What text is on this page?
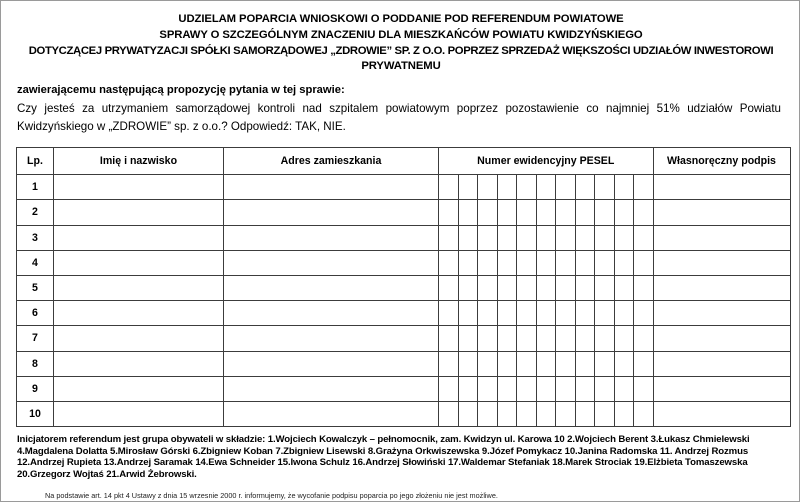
UDZIELAM POPARCIA WNIOSKOWI O PODDANIE POD REFERENDUM POWIATOWE
SPRAWY O SZCZEGÓLNYM ZNACZENIU DLA MIESZKAŃCÓW POWIATU KWIDZYŃSKIEGO
DOTYCZĄCEJ PRYWATYZACJI SPÓŁKI SAMORZĄDOWEJ „ZDROWIE” SP. Z O.O. POPRZEZ SPRZEDAŻ WIĘKSZOŚCI UDZIAŁÓW INWESTOROWI
PRYWATNEMU
zawierającemu następującą propozycję pytania w tej sprawie:
Czy jesteś za utrzymaniem samorządowej kontroli nad szpitalem powiatowym poprzez pozostawienie co najmniej 51% udziałów Powiatu
Kwidzyńskiego w „ZDROWIE” sp. z o.o.? Odpowiedź: TAK, NIE.
Lp.	Imię i nazwisko	Adres zamieszkania	Numer ewidencyjny PESEL											Własnoręczny podpis
1														
2														
3														
4														
5														
6														
7														
8														
9														
10														
Inicjatorem referendum jest grupa obywateli w składzie: 1.Wojciech Kowalczyk – pełnomocnik, zam. Kwidzyn ul. Karowa 10 2.Wojciech Berent 3.Łukasz Chmielewski
4.Magdalena Dolatta 5.Mirosław Górski 6.Zbigniew Koban 7.Zbigniew Lisewski 8.Grażyna Orkwiszewska 9.Józef Pomykacz 10.Janina Radomska 11. Andrzej Rozmus
12.Andrzej Rupieta 13.Andrzej Saramak 14.Ewa Schneider 15.Iwona Schulz 16.Andrzej Słowiński 17.Waldemar Stefaniak 18.Marek Strociak 19.Elżbieta Tomaszewska
20.Grzegorz Wojtaś 21.Arwid Żebrowski.
Na podstawie art. 14 pkt 4 Ustawy z dnia 15 wrzesnie 2000 r. informujemy, że wycofanie podpisu poparcia po jego złożeniu nie jest możliwe.
